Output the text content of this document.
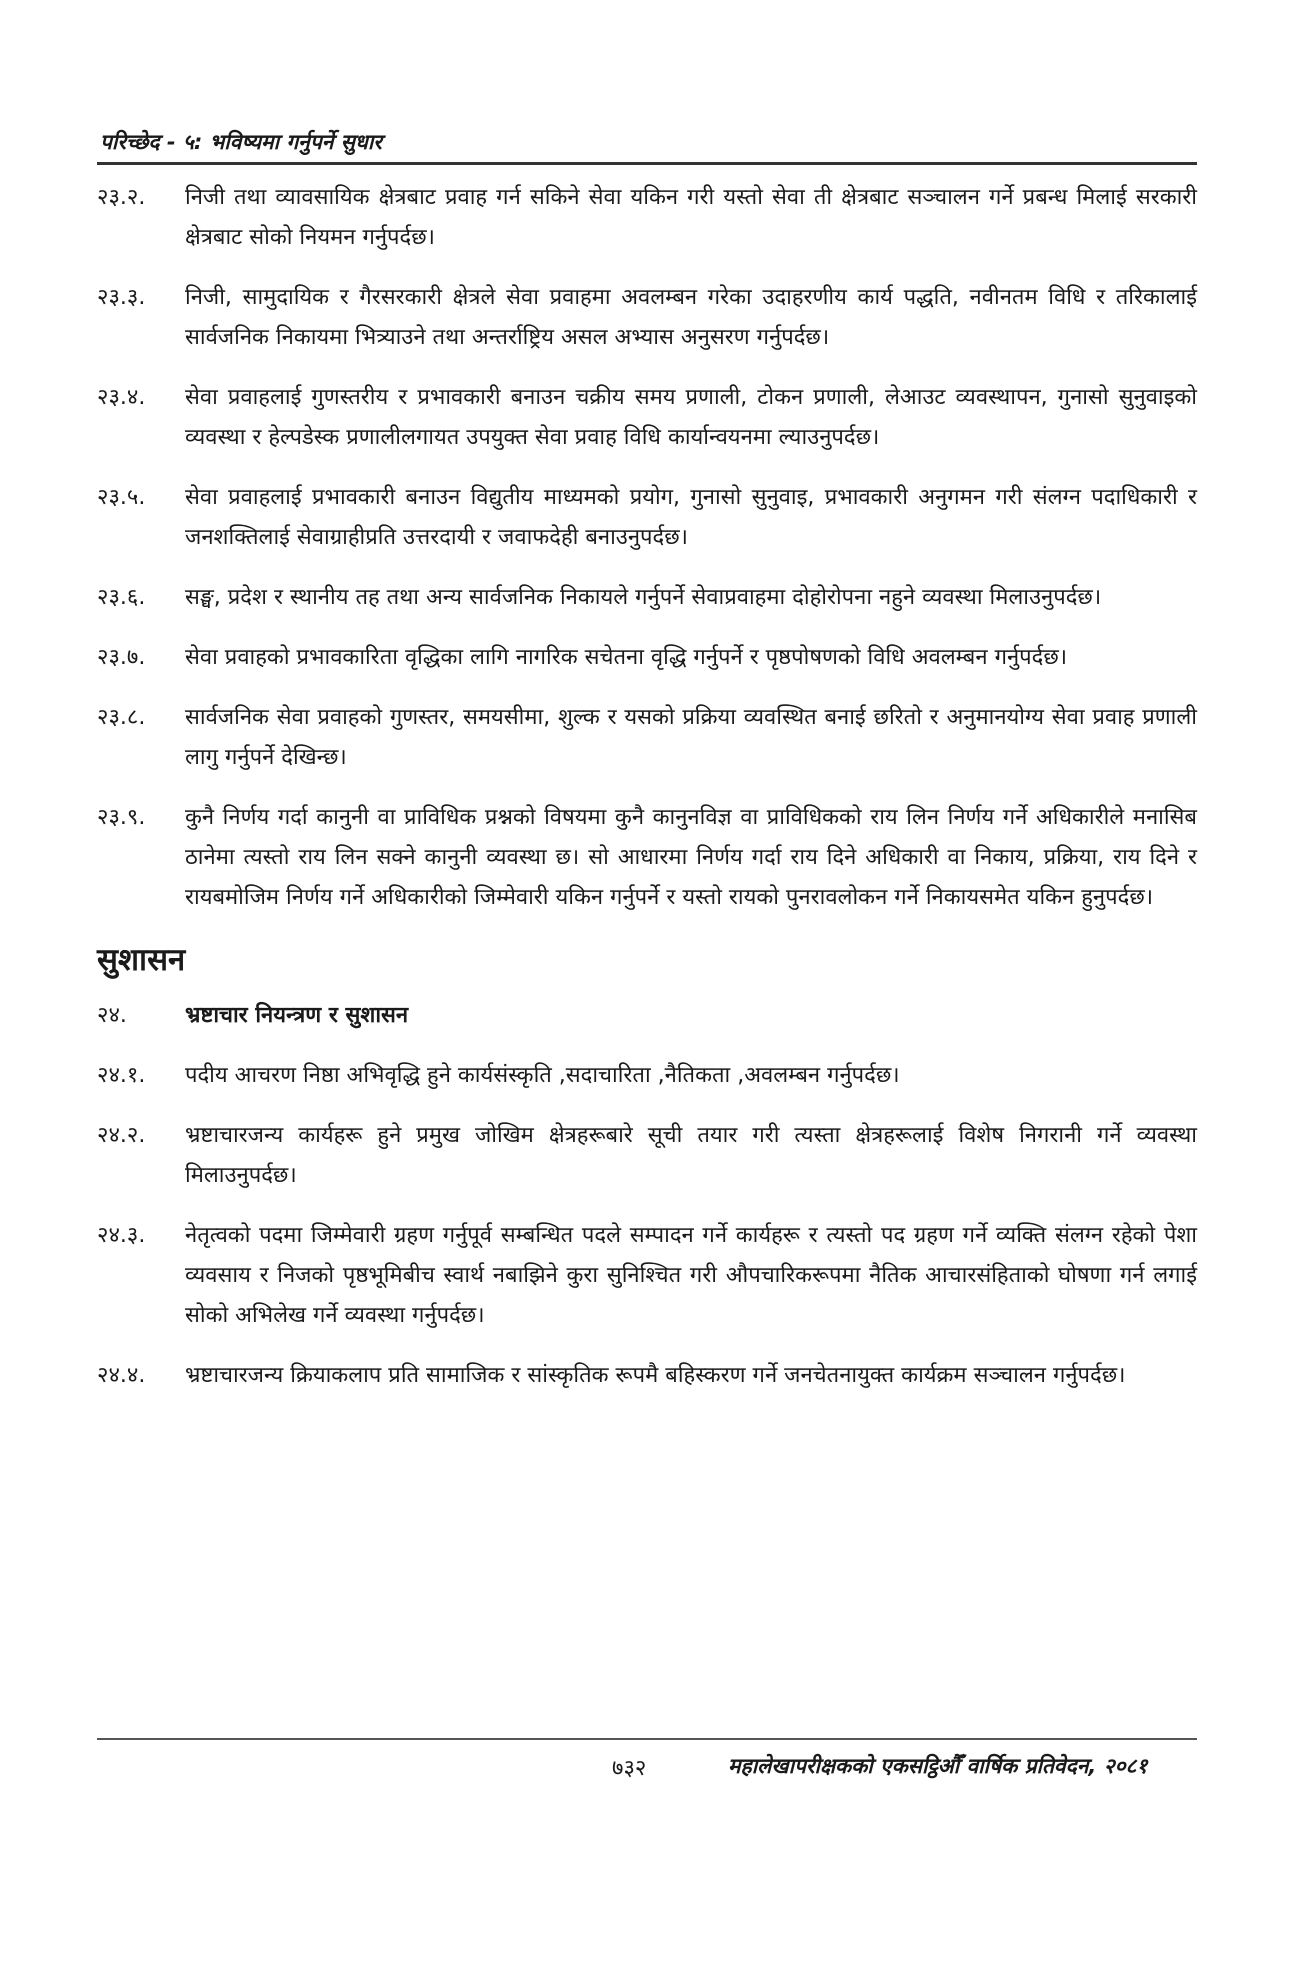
परिच्छेद - ५: भविष्यमा गर्नुपर्ने सुधार
२३.२.	निजी तथा व्यावसायिक क्षेत्रबाट प्रवाह गर्न सकिने सेवा यकिन गरी यस्तो सेवा ती क्षेत्रबाट सञ्चालन गर्ने प्रबन्ध मिलाई सरकारी क्षेत्रबाट सोको नियमन गर्नुपर्दछ।
२३.३.	निजी, सामुदायिक र गैरसरकारी क्षेत्रले सेवा प्रवाहमा अवलम्बन गरेका उदाहरणीय कार्य पद्धति, नवीनतम विधि र तरिकालाई सार्वजनिक निकायमा भित्र्याउने तथा अन्तर्राष्ट्रिय असल अभ्यास अनुसरण गर्नुपर्दछ।
२३.४.	सेवा प्रवाहलाई गुणस्तरीय र प्रभावकारी बनाउन चक्रीय समय प्रणाली, टोकन प्रणाली, लेआउट व्यवस्थापन, गुनासो सुनुवाइको व्यवस्था र हेल्पडेस्क प्रणालीलगायत उपयुक्त सेवा प्रवाह विधि कार्यान्वयनमा ल्याउनुपर्दछ।
२३.५.	सेवा प्रवाहलाई प्रभावकारी बनाउन विद्युतीय माध्यमको प्रयोग, गुनासो सुनुवाइ, प्रभावकारी अनुगमन गरी संलग्न पदाधिकारी र जनशक्तिलाई सेवाग्राहीप्रति उत्तरदायी र जवाफदेही बनाउनुपर्दछ।
२३.६.	सङ्घ, प्रदेश र स्थानीय तह तथा अन्य सार्वजनिक निकायले गर्नुपर्ने सेवाप्रवाहमा दोहोरोपना नहुने व्यवस्था मिलाउनुपर्दछ।
२३.७.	सेवा प्रवाहको प्रभावकारिता वृद्धिका लागि नागरिक सचेतना वृद्धि गर्नुपर्ने र पृष्ठपोषणको विधि अवलम्बन गर्नुपर्दछ।
२३.८.	सार्वजनिक सेवा प्रवाहको गुणस्तर, समयसीमा, शुल्क र यसको प्रक्रिया व्यवस्थित बनाई छरितो र अनुमानयोग्य सेवा प्रवाह प्रणाली लागु गर्नुपर्ने देखिन्छ।
२३.९.	कुनै निर्णय गर्दा कानुनी वा प्राविधिक प्रश्नको विषयमा कुनै कानुनविज्ञ वा प्राविधिकको राय लिन निर्णय गर्ने अधिकारीले मनासिब ठानेमा त्यस्तो राय लिन सक्ने कानुनी व्यवस्था छ। सो आधारमा निर्णय गर्दा राय दिने अधिकारी वा निकाय, प्रक्रिया, राय दिने र रायबमोजिम निर्णय गर्ने अधिकारीको जिम्मेवारी यकिन गर्नुपर्ने र यस्तो रायको पुनरावलोकन गर्ने निकायसमेत यकिन हुनुपर्दछ।
सुशासन
२४.	भ्रष्टाचार नियन्त्रण र सुशासन
२४.१.	पदीय आचरण निष्ठा अभिवृद्धि हुने कार्यसंस्कृति ,सदाचारिता ,नैतिकता ,अवलम्बन गर्नुपर्दछ।
२४.२.	भ्रष्टाचारजन्य कार्यहरू हुने प्रमुख जोखिम क्षेत्रहरूबारे सूची तयार गरी त्यस्ता क्षेत्रहरूलाई विशेष निगरानी गर्ने व्यवस्था मिलाउनुपर्दछ।
२४.३.	नेतृत्वको पदमा जिम्मेवारी ग्रहण गर्नुपूर्व सम्बन्धित पदले सम्पादन गर्ने कार्यहरू र त्यस्तो पद ग्रहण गर्ने व्यक्ति संलग्न रहेको पेशा व्यवसाय र निजको पृष्ठभूमिबीच स्वार्थ नबाझिने कुरा सुनिश्चित गरी औपचारिकरूपमा नैतिक आचारसंहिताको घोषणा गर्न लगाई सोको अभिलेख गर्ने व्यवस्था गर्नुपर्दछ।
२४.४.	भ्रष्टाचारजन्य क्रियाकलाप प्रति सामाजिक र सांस्कृतिक रूपमै बहिस्करण गर्ने जनचेतनायुक्त कार्यक्रम सञ्चालन गर्नुपर्दछ।
७३२	महालेखापरीक्षकको एकसट्ठिऔँ वार्षिक प्रतिवेदन, २०८१
